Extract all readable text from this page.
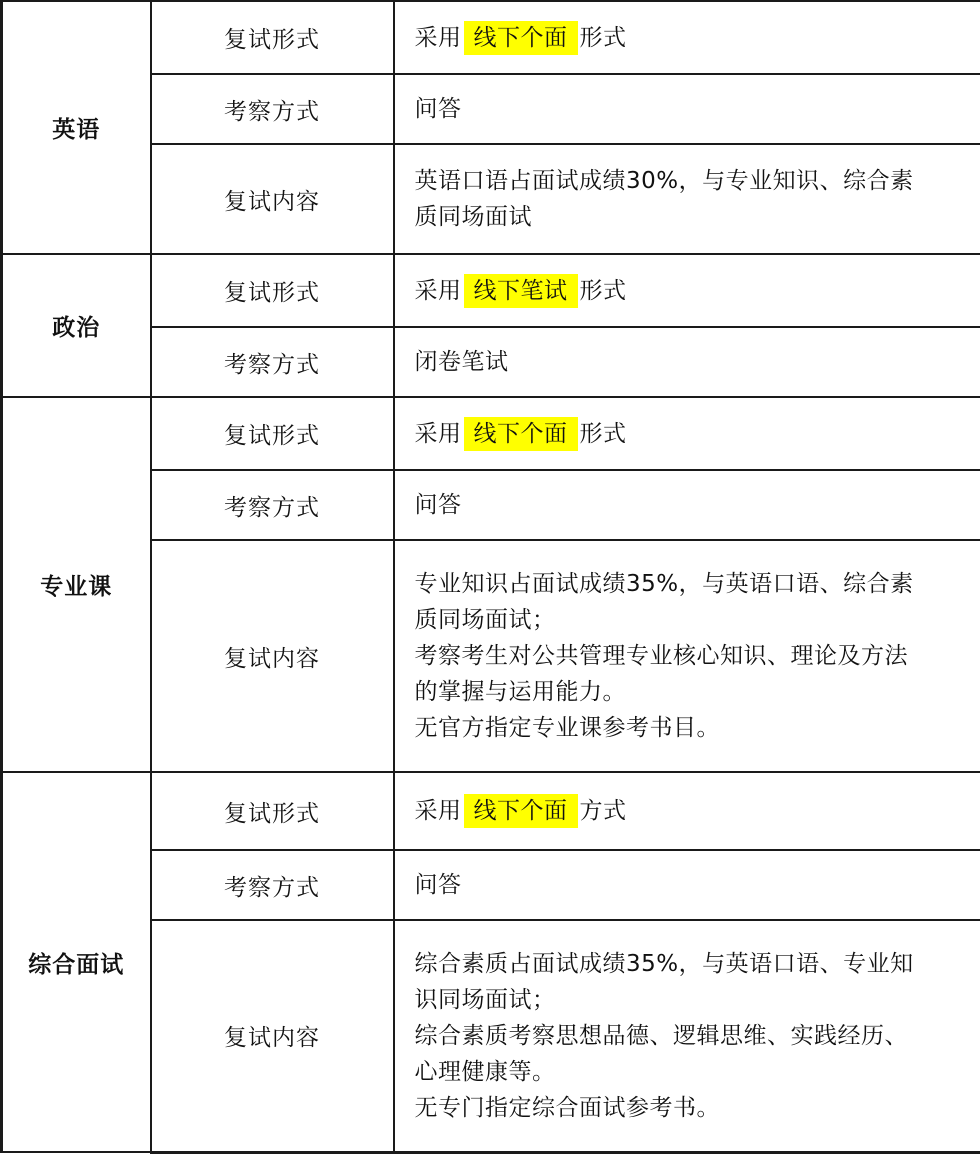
英语	复试形式	采用 线下个面 形式
	考察方式	问答
	复试内容	英语口语占面试成绩30%，与专业知识、综合素
质同场面试

政治	复试形式	采用 线下笔试 形式
	考察方式	闭卷笔试
专业课	复试形式	采用 线下个面 形式
	考察方式	问答
	复试内容	专业知识占面试成绩35%，与英语口语、综合素
质同场面试；
考察考生对公共管理专业核心知识、理论及方法
的掌握与运用能力。
无官方指定专业课参考书目。

综合面试	复试形式	采用 线下个面 方式
	考察方式	问答
	复试内容	综合素质占面试成绩35%，与英语口语、专业知
识同场面试；
综合素质考察思想品德、逻辑思维、实践经历、
心理健康等。
无专门指定综合面试参考书。
